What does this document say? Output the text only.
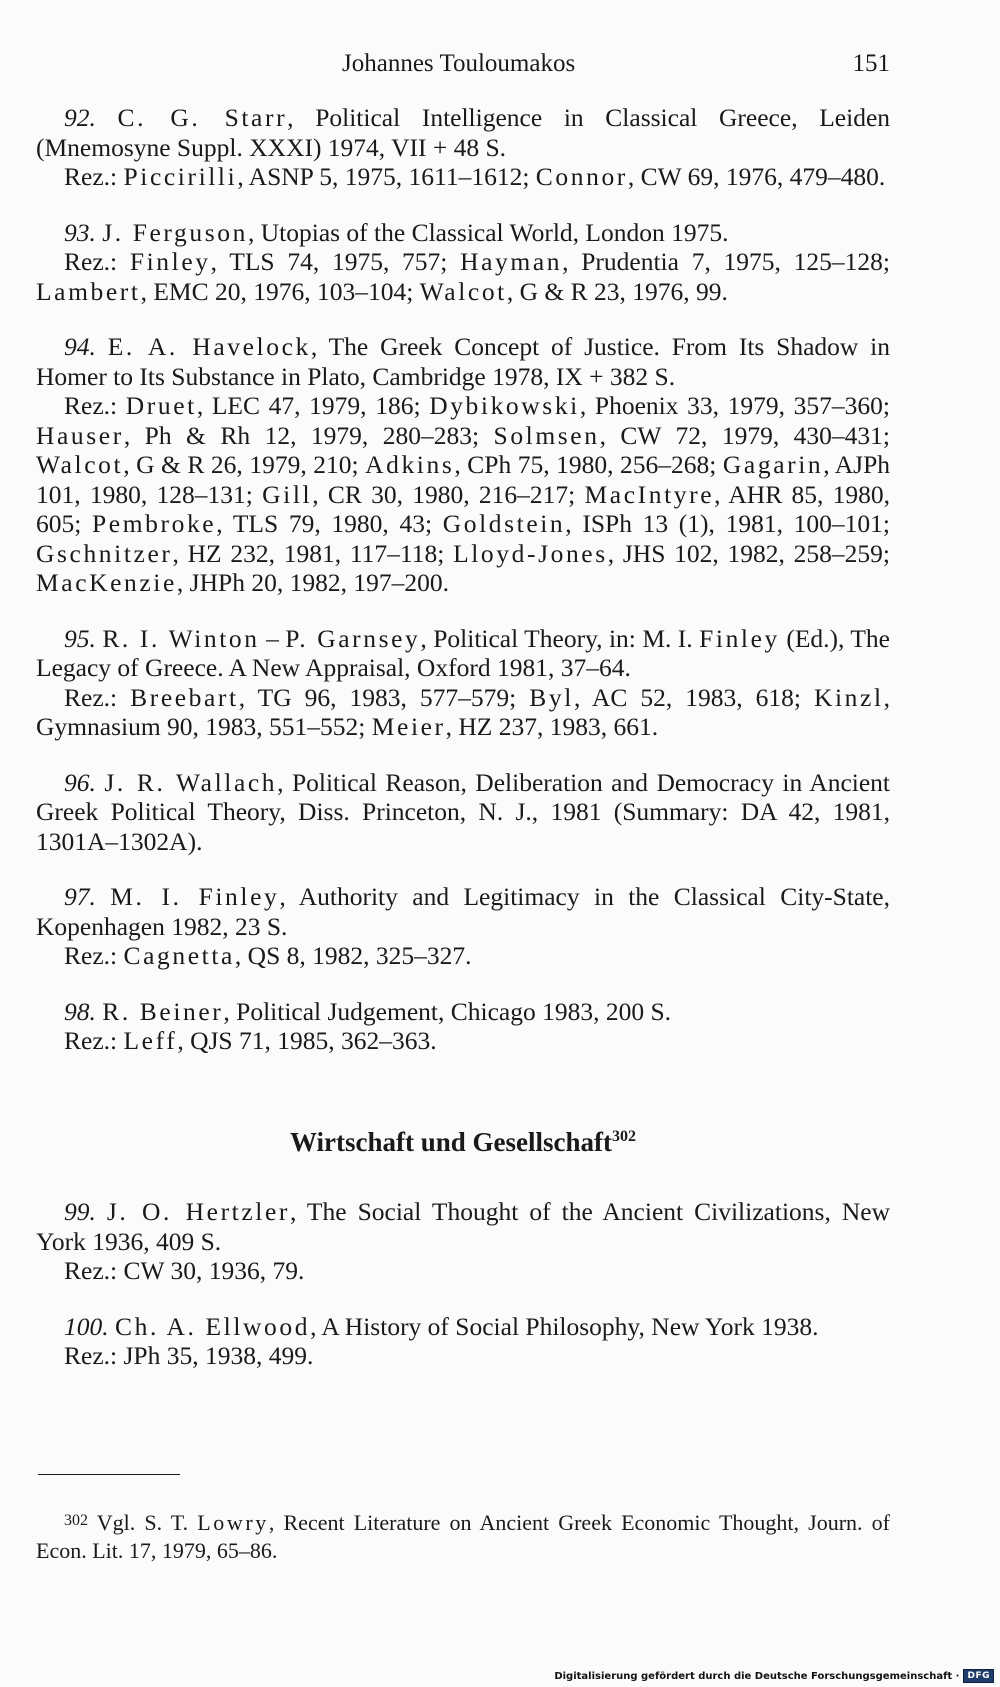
Johannes Touloumakos	151

92. C. G. Starr, Political Intelligence in Classical Greece, Leiden (Mnemosyne Suppl. XXXI) 1974, VII + 48 S.

Rez.: Piccirilli, ASNP 5, 1975, 1611–1612; Connor, CW 69, 1976, 479–480.

93. J. Ferguson, Utopias of the Classical World, London 1975.

Rez.: Finley, TLS 74, 1975, 757; Hayman, Prudentia 7, 1975, 125–128; Lambert, EMC 20, 1976, 103–104; Walcot, G & R 23, 1976, 99.

94. E. A. Havelock, The Greek Concept of Justice. From Its Shadow in Homer to Its Substance in Plato, Cambridge 1978, IX + 382 S.

Rez.: Druet, LEC 47, 1979, 186; Dybikowski, Phoenix 33, 1979, 357–360; Hauser, Ph & Rh 12, 1979, 280–283; Solmsen, CW 72, 1979, 430–431; Walcot, G & R 26, 1979, 210; Adkins, CPh 75, 1980, 256–268; Gagarin, AJPh 101, 1980, 128–131; Gill, CR 30, 1980, 216–217; MacIntyre, AHR 85, 1980, 605; Pembroke, TLS 79, 1980, 43; Goldstein, ISPh 13 (1), 1981, 100–101; Gschnitzer, HZ 232, 1981, 117–118; Lloyd-Jones, JHS 102, 1982, 258–259; MacKenzie, JHPh 20, 1982, 197–200.

95. R. I. Winton – P. Garnsey, Political Theory, in: M. I. Finley (Ed.), The Legacy of Greece. A New Appraisal, Oxford 1981, 37–64.

Rez.: Breebart, TG 96, 1983, 577–579; Byl, AC 52, 1983, 618; Kinzl, Gymnasium 90, 1983, 551–552; Meier, HZ 237, 1983, 661.

96. J. R. Wallach, Political Reason, Deliberation and Democracy in Ancient Greek Political Theory, Diss. Princeton, N. J., 1981 (Summary: DA 42, 1981, 1301A–1302A).

97. M. I. Finley, Authority and Legitimacy in the Classical City-State, Kopenhagen 1982, 23 S.

Rez.: Cagnetta, QS 8, 1982, 325–327.

98. R. Beiner, Political Judgement, Chicago 1983, 200 S.

Rez.: Leff, QJS 71, 1985, 362–363.

Wirtschaft und Gesellschaft$^{302}$

99. J. O. Hertzler, The Social Thought of the Ancient Civilizations, New York 1936, 409 S.

Rez.: CW 30, 1936, 79.

100. Ch. A. Ellwood, A History of Social Philosophy, New York 1938.

Rez.: JPh 35, 1938, 499.

$^{302}$ Vgl. S. T. Lowry, Recent Literature on Ancient Greek Economic Thought, Journ. of Econ. Lit. 17, 1979, 65–86.

Digitalisierung gefördert durch die Deutsche Forschungsgemeinschaft · DFG
